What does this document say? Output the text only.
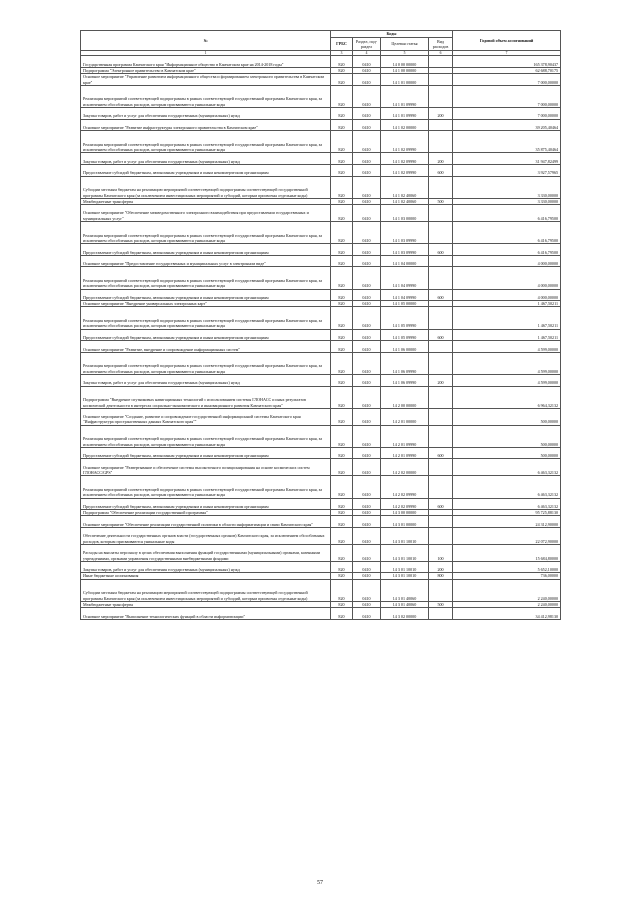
№	Коды				Годовой объем ассигнований
	ГРБС	Раздел, под-раздел	Целевая статья	Вид расходов	
1	3	4	5	6	7
Государственная программа Камчатского края "Информационное общество в Камчатском крае на 2014-2018 годы"	820	0410	14 0 00 00000		165 378,90437
Подпрограмма "Электронное правительство в Камчатском крае"	820	0410	14 1 00 00000		62 688,70175
Основное мероприятие "Управление развитием информационного общества и формированием электронного правительства в Камчатском крае"	820	0410	14 1 01 00000		7 000,00000
Реализация мероприятий соответствующей подпрограммы в рамках соответствующей государственной программы Камчатского края, за исключением обособленных расходов, которым присваиваются уникальные коды	820	0410	14 1 01 09990		7 000,00000
Закупка товаров, работ и услуг для обеспечения государственных (муниципальных) нужд	820	0410	14 1 01 09990	200	7 000,00000
Основное мероприятие "Развитие инфраструктуры электронного правительства в Камчатском крае"	820	0410	14 1 02 00000		39 205,40464
Реализация мероприятий соответствующей подпрограммы в рамках соответствующей государственной программы Камчатского края, за исключением обособленных расходов, которым присваиваются уникальные коды	820	0410	14 1 02 09990		35 875,40464
Закупка товаров, работ и услуг для обеспечения государственных (муниципальных) нужд	820	0410	14 1 02 09990	200	31 947,82499
Предоставление субсидий бюджетным, автономным учреждениям и иным некоммерческим организациям	820	0410	14 1 02 09990	600	3 927,57965
Субсидии местным бюджетам на реализацию мероприятий соответствующей подпрограммы соответствующей государственной программы Камчатского края (за исключением инвестиционных мероприятий и субсидий, которым присвоены отдельные коды)	820	0410	14 1 02 40060		3 330,00000
Межбюджетные трансферты	820	0410	14 1 02 40060	500	3 330,00000
Основное мероприятие "Обеспечение межведомственного электронного взаимодействия при предоставлении государственных и муниципальных услуг"	820	0410	14 1 03 00000		6 416,79500
Реализация мероприятий соответствующей подпрограммы в рамках соответствующей государственной программы Камчатского края, за исключением обособленных расходов, которым присваиваются уникальные коды	820	0410	14 1 03 09990		6 416,79500
Предоставление субсидий бюджетным, автономным учреждениям и иным некоммерческим организациям	820	0410	14 1 03 09990	600	6 416,79500
Основное мероприятие "Предоставление государственных и муниципальных услуг в электронном виде"	820	0410	14 1 04 00000		4 000,00000
Реализация мероприятий соответствующей подпрограммы в рамках соответствующей государственной программы Камчатского края, за исключением обособленных расходов, которым присваиваются уникальные коды	820	0410	14 1 04 09990		4 000,00000
Предоставление субсидий бюджетным, автономным учреждениям и иным некоммерческим организациям	820	0410	14 1 04 09990	600	4 000,00000
Основное мероприятие "Внедрение универсальных электронных карт"	820	0410	14 1 05 00000		1 467,50211
Реализация мероприятий соответствующей подпрограммы в рамках соответствующей государственной программы Камчатского края, за исключением обособленных расходов, которым присваиваются уникальные коды	820	0410	14 1 05 09990		1 467,50211
Предоставление субсидий бюджетным, автономным учреждениям и иным некоммерческим организациям	820	0410	14 1 05 09990	600	1 467,50211
Основное мероприятие "Развитие, внедрение и сопровождение информационных систем"	820	0410	14 1 06 00000		4 599,00000
Реализация мероприятий соответствующей подпрограммы в рамках соответствующей государственной программы Камчатского края, за исключением обособленных расходов, которым присваиваются уникальные коды	820	0410	14 1 06 09990		4 599,00000
Закупка товаров, работ и услуг для обеспечения государственных (муниципальных) нужд	820	0410	14 1 06 09990	200	4 599,00000
Подпрограмма "Внедрение спутниковых навигационных технологий с использованием системы ГЛОНАСС и иных результатов космической деятельности в интересах социально-экономического и инновационного развития Камчатского края"	820	0410	14 2 00 00000		6 964,32132
Основное мероприятие "Создание, развитие и сопровождение государственной информационной системы Камчатского края "Инфраструктура пространственных данных Камчатского края""	820	0410	14 2 01 00000		500,00000
Реализация мероприятий соответствующей подпрограммы в рамках соответствующей государственной программы Камчатского края, за исключением обособленных расходов, которым присваиваются уникальные коды	820	0410	14 2 01 09990		500,00000
Предоставление субсидий бюджетным, автономным учреждениям и иным некоммерческим организациям	820	0410	14 2 01 09990	600	500,00000
Основное мероприятие "Развертывание и обеспечение системы высокоточного позиционирования на основе космических систем ГЛОНАСС/GPS"	820	0410	14 2 02 00000		6 463,32132
Реализация мероприятий соответствующей подпрограммы в рамках соответствующей государственной программы Камчатского края, за исключением обособленных расходов, которым присваиваются уникальные коды	820	0410	14 2 02 09990		6 463,32132
Предоставление субсидий бюджетным, автономным учреждениям и иным некоммерческим организациям	820	0410	14 2 02 09990	600	6 463,32132
Подпрограмма "Обеспечение реализации государственной программы"	820	0410	14 3 00 00000		95 725,88130
Основное мероприятие "Обеспечение реализации государственной политики в области информатизации и связи Камчатского края"	820	0410	14 3 01 00000		24 312,90000
Обеспечение деятельности государственных органов власти (государственных органов) Камчатского края, за исключением обособленных расходов, которым присваиваются уникальные коды	820	0410	14 3 01 10010		22 072,90000
Расходы на выплаты персоналу в целях обеспечения выполнения функций государственными (муниципальными) органами, казенными учреждениями, органами управления государственными внебюджетными фондами	820	0410	14 3 01 10010	100	15 684,80000
Закупка товаров, работ и услуг для обеспечения государственных (муниципальных) нужд	820	0410	14 3 01 10010	200	5 652,10000
Иные бюджетные ассигнования	820	0410	14 3 01 10010	800	736,00000
Субсидии местным бюджетам на реализацию мероприятий соответствующей подпрограммы соответствующей государственной программы Камчатского края (за исключением инвестиционных мероприятий и субсидий, которым присвоены отдельные коды)	820	0410	14 3 01 40060		2 240,00000
Межбюджетные трансферты	820	0410	14 3 01 40060	500	2 240,00000
Основное мероприятие "Выполнение технологических функций в области информатизации"	820	0410	14 3 02 00000		34 412,98130
57
